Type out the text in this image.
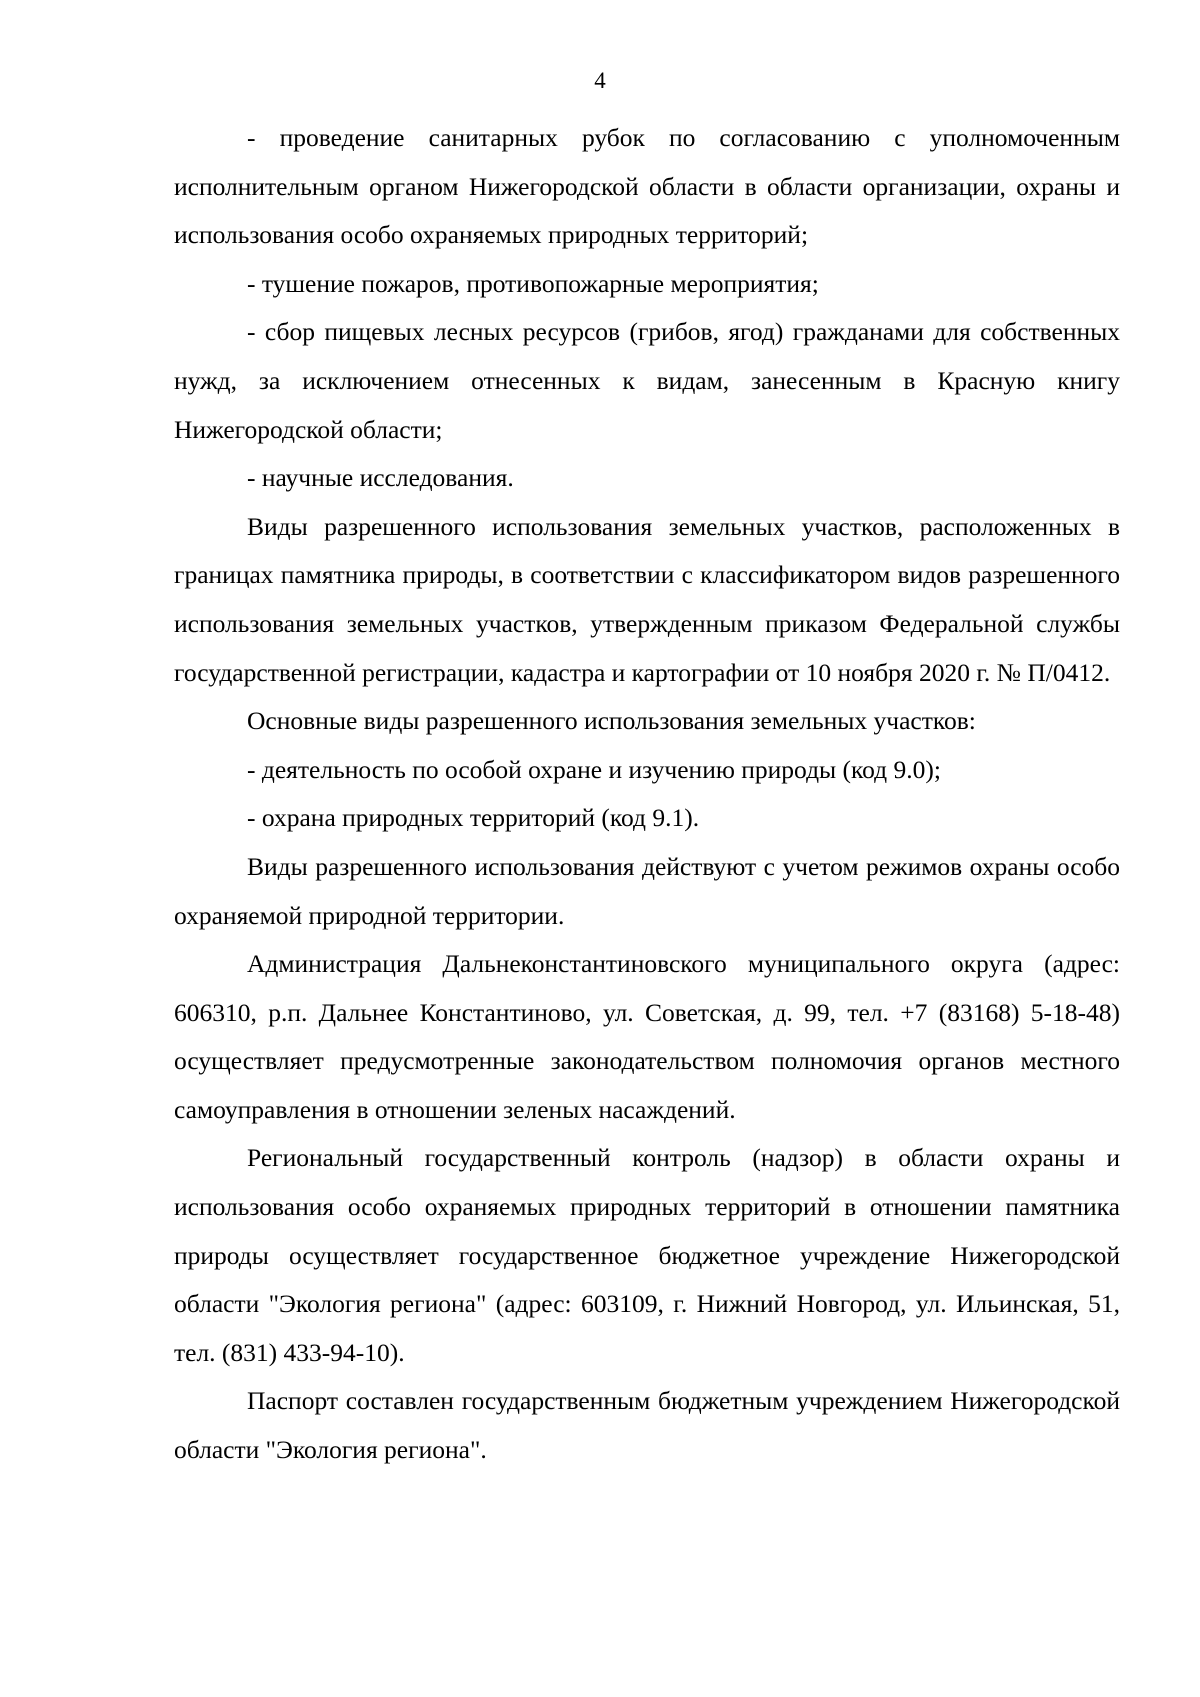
4

- проведение санитарных рубок по согласованию с уполномоченным исполнительным органом Нижегородской области в области организации, охраны и использования особо охраняемых природных территорий;

- тушение пожаров, противопожарные мероприятия;

- сбор пищевых лесных ресурсов (грибов, ягод) гражданами для собственных нужд, за исключением отнесенных к видам, занесенным в Красную книгу Нижегородской области;

- научные исследования.

Виды разрешенного использования земельных участков, расположенных в границах памятника природы, в соответствии с классификатором видов разрешенного использования земельных участков, утвержденным приказом Федеральной службы государственной регистрации, кадастра и картографии от 10 ноября 2020 г. № П/0412.

Основные виды разрешенного использования земельных участков:

- деятельность по особой охране и изучению природы (код 9.0);

- охрана природных территорий (код 9.1).

Виды разрешенного использования действуют с учетом режимов охраны особо охраняемой природной территории.

Администрация Дальнеконстантиновского муниципального округа (адрес: 606310, р.п. Дальнее Константиново, ул. Советская, д. 99, тел. +7 (83168) 5-18-48) осуществляет предусмотренные законодательством полномочия органов местного самоуправления в отношении зеленых насаждений.

Региональный государственный контроль (надзор) в области охраны и использования особо охраняемых природных территорий в отношении памятника природы осуществляет государственное бюджетное учреждение Нижегородской области "Экология региона" (адрес: 603109, г. Нижний Новгород, ул. Ильинская, 51, тел. (831) 433-94-10).

Паспорт составлен государственным бюджетным учреждением Нижегородской области "Экология региона".
